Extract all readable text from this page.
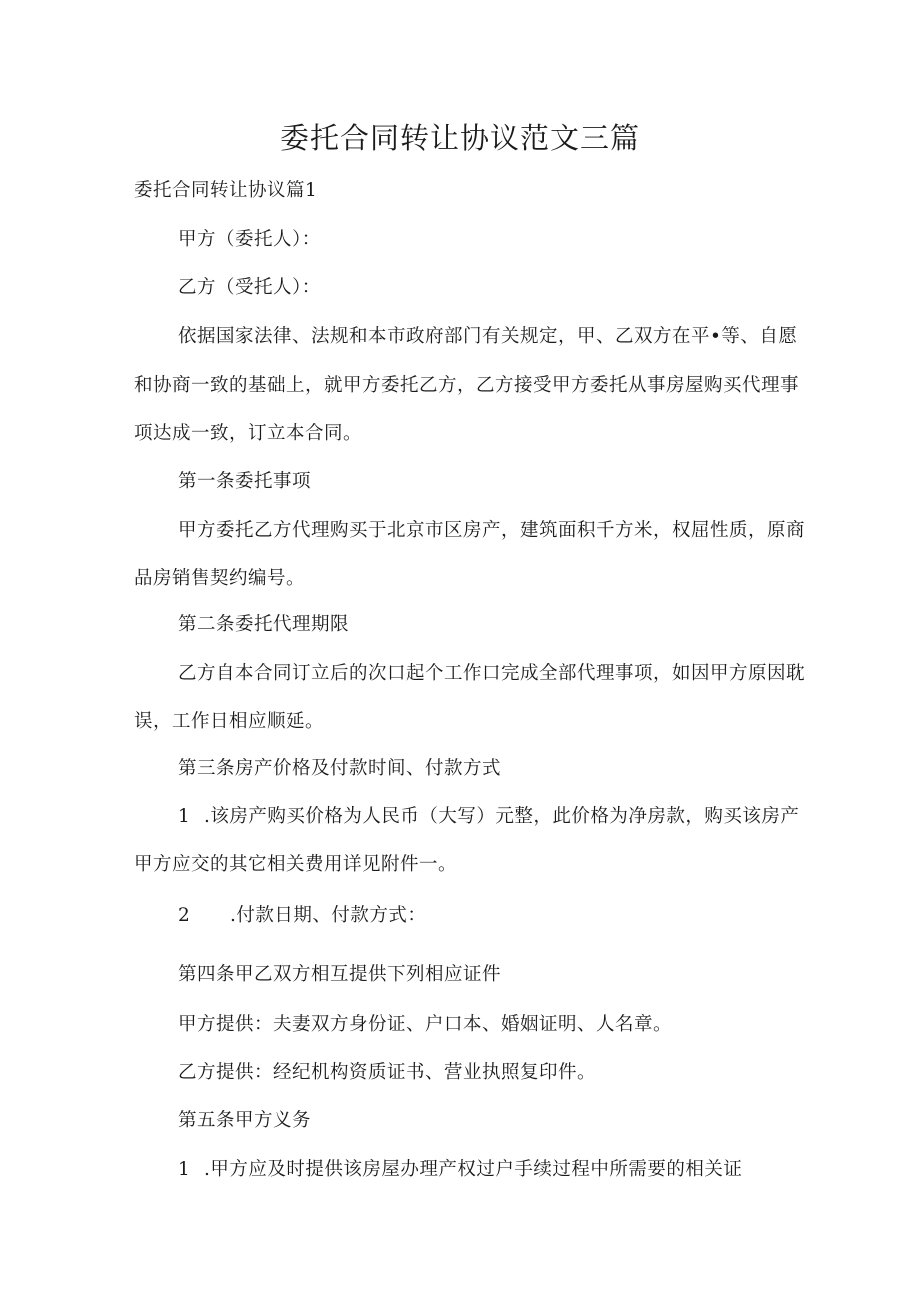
委托合同转让协议范文三篇
委托合同转让协议篇1
甲方（委托人）：
乙方（受托人）：
依据国家法律、法规和本市政府部门有关规定，甲、乙双方在平•等、自愿
和协商一致的基础上，就甲方委托乙方，乙方接受甲方委托从事房屋购买代理事
项达成一致，订立本合同。
第一条委托事项
甲方委托乙方代理购买于北京市区房产，建筑面积千方米，权屈性质，原商
品房销售契约编号。
第二条委托代理期限
乙方自本合同订立后的次口起个工作口完成全部代理事项，如因甲方原因耽
误，工作日相应顺延。
第三条房产价格及付款时间、付款方式
1 .该房产购买价格为人民币（大写）元整，此价格为净房款，购买该房产
甲方应交的其它相关费用详见附件一。
2 .付款日期、付款方式：
第四条甲乙双方相互提供下列相应证件
甲方提供：夫妻双方身份证、户口本、婚姻证明、人名章。
乙方提供：经纪机构资质证书、营业执照复印件。
第五条甲方义务
1 .甲方应及时提供该房屋办理产权过户手续过程中所需要的相关证
